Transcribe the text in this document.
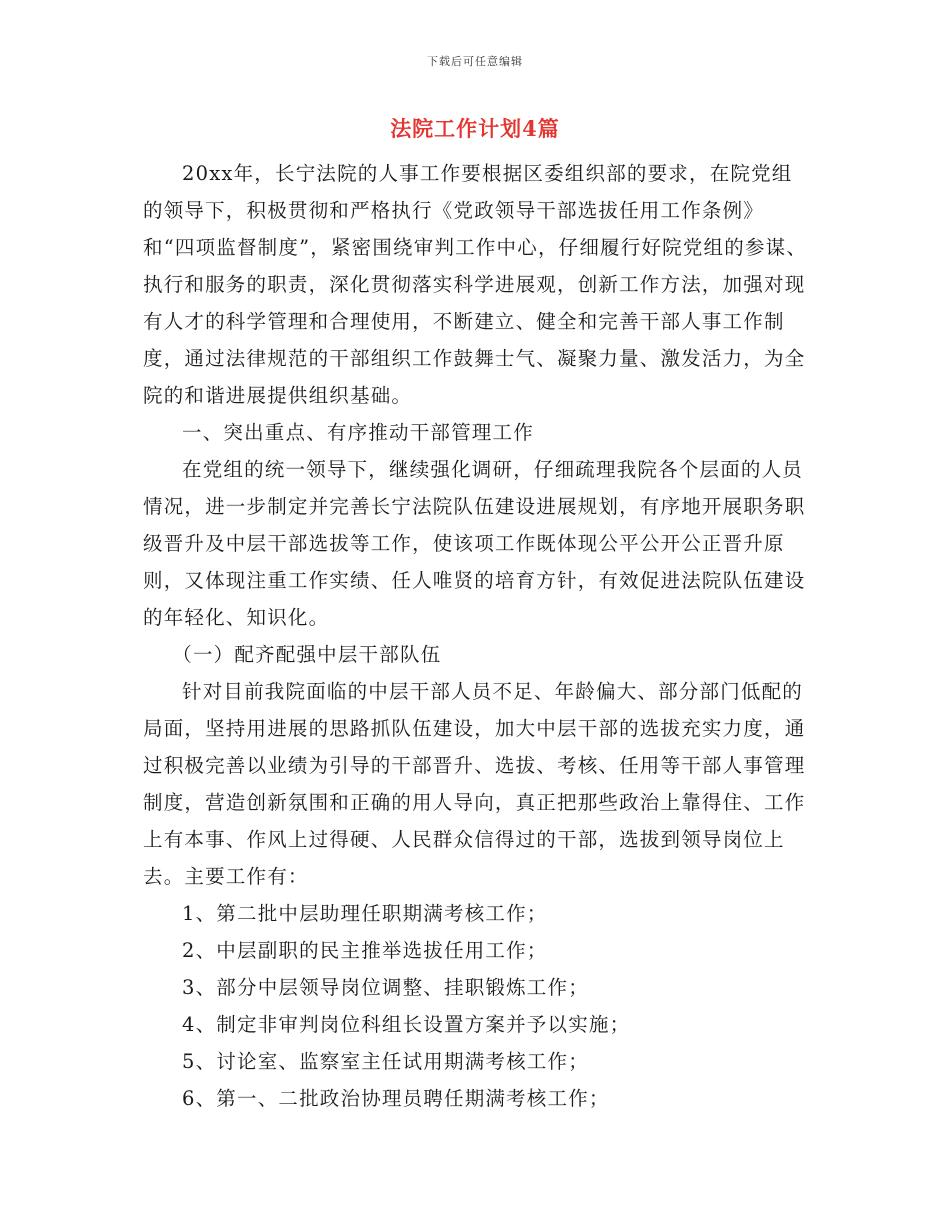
下载后可任意编辑
法院工作计划4篇

20xx年，长宁法院的人事工作要根据区委组织部的要求，在院党组的领导下，积极贯彻和严格执行《党政领导干部选拔任用工作条例》和“四项监督制度”，紧密围绕审判工作中心，仔细履行好院党组的参谋、执行和服务的职责，深化贯彻落实科学进展观，创新工作方法，加强对现有人才的科学管理和合理使用，不断建立、健全和完善干部人事工作制度，通过法律规范的干部组织工作鼓舞士气、凝聚力量、激发活力，为全院的和谐进展提供组织基础。

一、突出重点、有序推动干部管理工作

在党组的统一领导下，继续强化调研，仔细疏理我院各个层面的人员情况，进一步制定并完善长宁法院队伍建设进展规划，有序地开展职务职级晋升及中层干部选拔等工作，使该项工作既体现公平公开公正晋升原则，又体现注重工作实绩、任人唯贤的培育方针，有效促进法院队伍建设的年轻化、知识化。

（一）配齐配强中层干部队伍

针对目前我院面临的中层干部人员不足、年龄偏大、部分部门低配的局面，坚持用进展的思路抓队伍建设，加大中层干部的选拔充实力度，通过积极完善以业绩为引导的干部晋升、选拔、考核、任用等干部人事管理制度，营造创新氛围和正确的用人导向，真正把那些政治上靠得住、工作上有本事、作风上过得硬、人民群众信得过的干部，选拔到领导岗位上去。主要工作有：

1、第二批中层助理任职期满考核工作；
2、中层副职的民主推举选拔任用工作；
3、部分中层领导岗位调整、挂职锻炼工作；
4、制定非审判岗位科组长设置方案并予以实施；
5、讨论室、监察室主任试用期满考核工作；
6、第一、二批政治协理员聘任期满考核工作；
